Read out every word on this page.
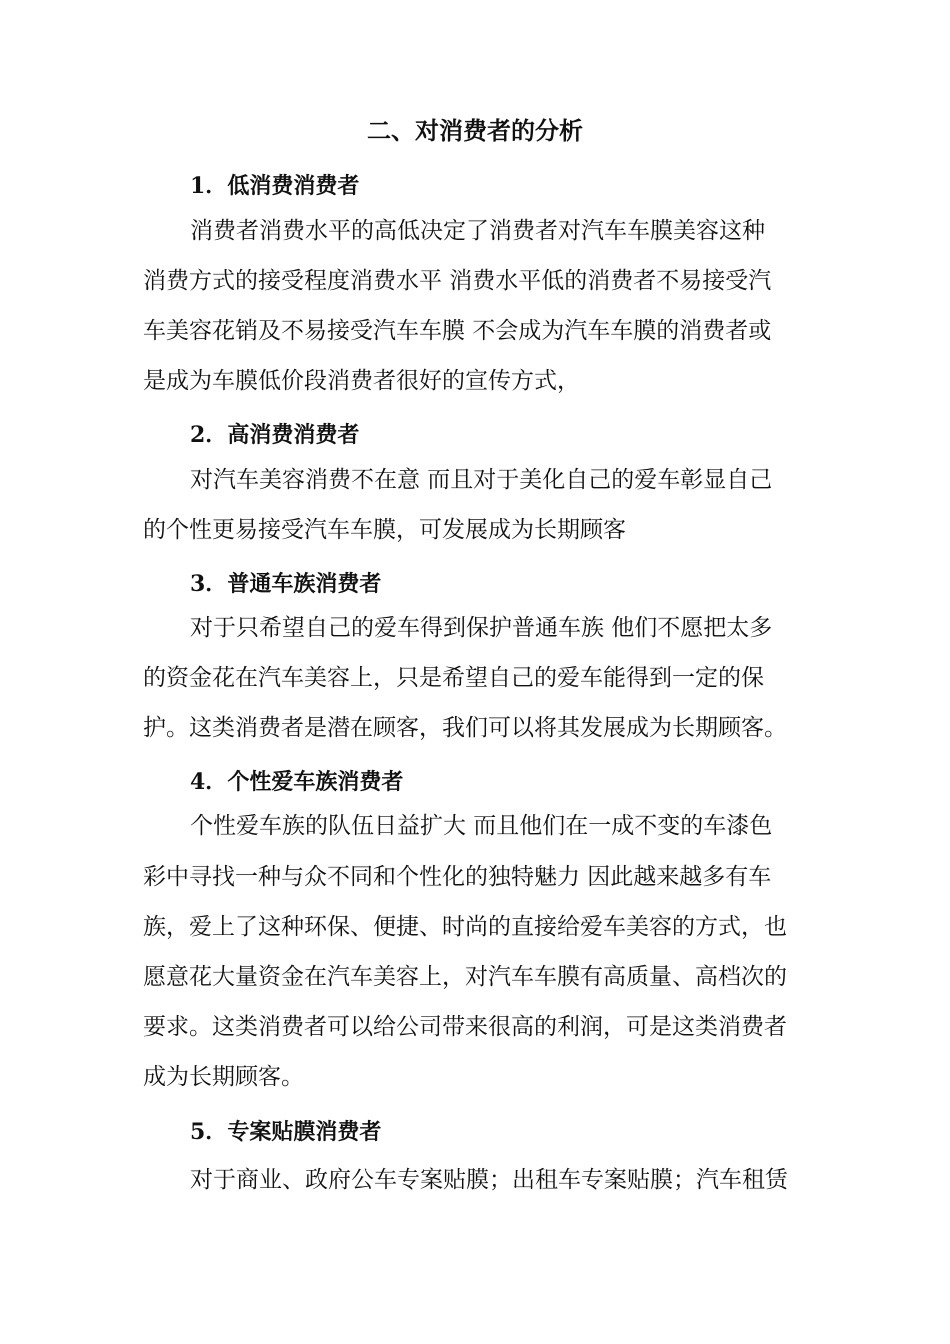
二、对消费者的分析
1．低消费消费者
消费者消费水平的高低决定了消费者对汽车车膜美容这种
消费方式的接受程度消费水平 消费水平低的消费者不易接受汽
车美容花销及不易接受汽车车膜 不会成为汽车车膜的消费者或
是成为车膜低价段消费者很好的宣传方式，
2．高消费消费者
对汽车美容消费不在意 而且对于美化自己的爱车彰显自己
的个性更易接受汽车车膜，可发展成为长期顾客
3．普通车族消费者
对于只希望自己的爱车得到保护普通车族 他们不愿把太多
的资金花在汽车美容上，只是希望自己的爱车能得到一定的保
护。这类消费者是潜在顾客，我们可以将其发展成为长期顾客。
4．个性爱车族消费者
个性爱车族的队伍日益扩大 而且他们在一成不变的车漆色
彩中寻找一种与众不同和个性化的独特魅力 因此越来越多有车
族，爱上了这种环保、便捷、时尚的直接给爱车美容的方式，也
愿意花大量资金在汽车美容上，对汽车车膜有高质量、高档次的
要求。这类消费者可以给公司带来很高的利润，可是这类消费者
成为长期顾客。
5．专案贴膜消费者
对于商业、政府公车专案贴膜；出租车专案贴膜；汽车租赁
